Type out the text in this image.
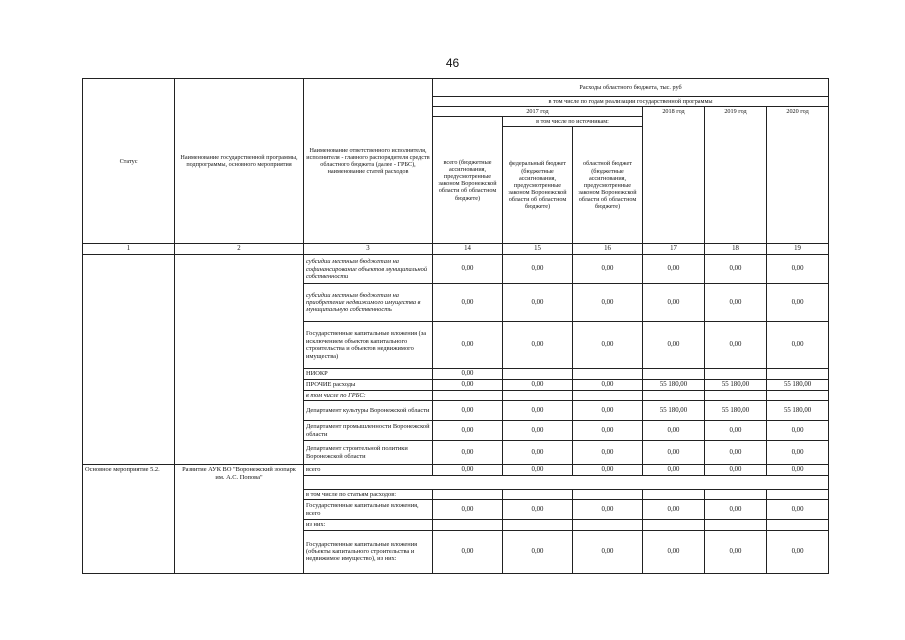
46
Статус	Наименование государственной программы, подпрограммы, основного мероприятия	Наименование ответственного исполнителя, исполнителя - главного распорядителя средств областного бюджета (далее - ГРБС), наименование статей расходов	Расходы областного бюджета, тыс. руб					
			в том числе по годам реализации государственной программы					
			2017 год			2018 год	2019 год	2020 год
			всего (бюджетные ассигнования, предусмотренные законом Воронежской области об областном бюджете)	в том числе по источникам:				
				федеральный бюджет (бюджетные ассигнования, предусмотренные законом Воронежской области об областном бюджете)	областной бюджет (бюджетные ассигнования, предусмотренные законом Воронежской области об областном бюджете)			
1	2	3	14	15	16	17	18	19
		субсидии местным бюджетам на софинансирование объектов муниципальной собственности	0,00	0,00	0,00	0,00	0,00	0,00
		субсидии местным бюджетам на приобретение недвижимого имущества в муниципальную собственность	0,00	0,00	0,00	0,00	0,00	0,00
		Государственные капитальные вложения (за исключением объектов капитального строительства и объектов недвижимого имущества)	0,00	0,00	0,00	0,00	0,00	0,00
		НИОКР	0,00					
		ПРОЧИЕ расходы	0,00	0,00	0,00	55 180,00	55 180,00	55 180,00
		в том числе по ГРБС:						
		Департамент культуры Воронежской области	0,00	0,00	0,00	55 180,00	55 180,00	55 180,00
		Департамент промышленности Воронежской области	0,00	0,00	0,00	0,00	0,00	0,00
		Департамент строительной политики Воронежской области	0,00	0,00	0,00	0,00	0,00	0,00
Основное мероприятие 5.2.	Развитие АУК ВО "Воронежский зоопарк им. А.С. Попова"	всего	0,00	0,00	0,00	0,00	0,00	0,00

		в том числе по статьям расходов:						
		Государственные капитальные вложения, всего	0,00	0,00	0,00	0,00	0,00	0,00
		из них:						
		Государственные капитальные вложения (объекты капитального строительства и недвижимое имущество), из них:	0,00	0,00	0,00	0,00	0,00	0,00
